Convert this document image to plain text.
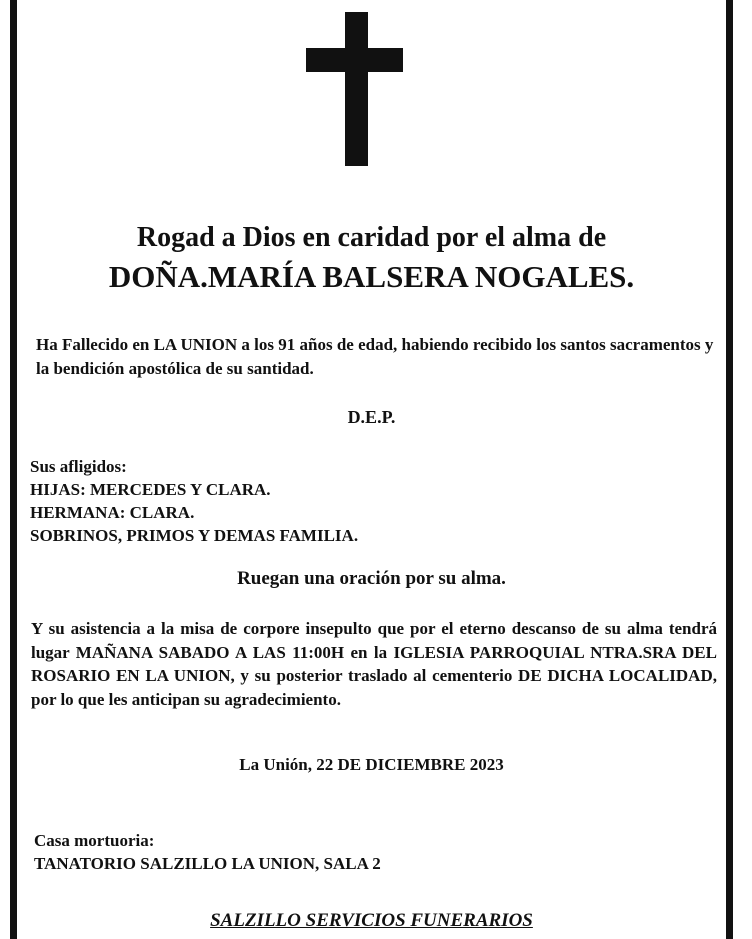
Rogad a Dios en caridad por el alma de
DOÑA.MARÍA BALSERA NOGALES.

Ha Fallecido en LA UNION a los 91 años de edad, habiendo recibido los santos sacramentos y la bendición apostólica de su santidad.

D.E.P.
Sus afligidos:
HIJAS: MERCEDES Y CLARA.
HERMANA: CLARA.
SOBRINOS, PRIMOS Y DEMAS FAMILIA.
Ruegan una oración por su alma.

Y su asistencia a la misa de corpore insepulto que por el eterno descanso de su alma tendrá lugar MAÑANA SABADO A LAS 11:00H en la IGLESIA PARROQUIAL NTRA.SRA DEL ROSARIO EN LA UNION, y su posterior traslado al cementerio DE DICHA LOCALIDAD, por lo que les anticipan su agradecimiento.

La Unión, 22 DE DICIEMBRE 2023
Casa mortuoria:
TANATORIO SALZILLO LA UNION, SALA 2
SALZILLO SERVICIOS FUNERARIOS
